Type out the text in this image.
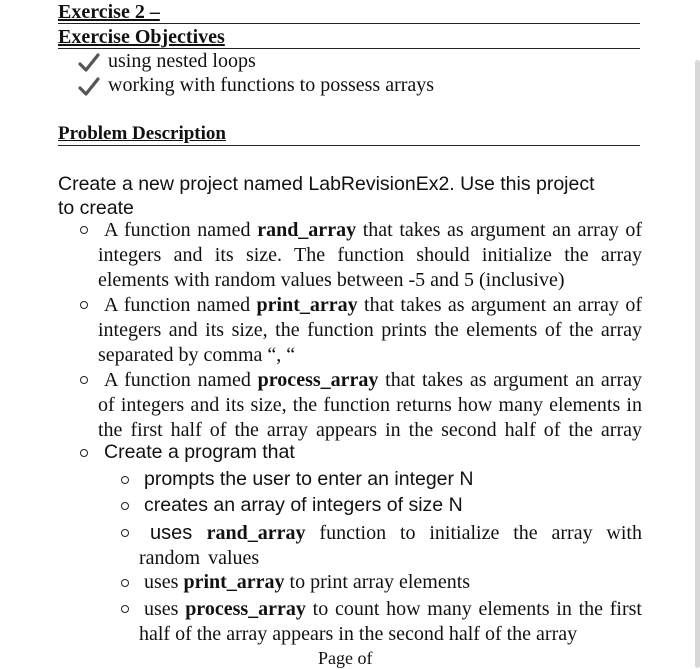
Exercise 2 –
Exercise Objectives
using nested loops
working with functions to possess arrays
Problem Description
Create a new project named LabRevisionEx2. Use this project
to create
A function named rand_array that takes as argument an array of integers and its size. The function should initialize the array elements with random values between -5 and 5 (inclusive)
A function named print_array that takes as argument an array of integers and its size, the function prints the elements of the array separated by comma “, “
A function named process_array that takes as argument an array of integers and its size, the function returns how many elements in the first half of the array appears in the second half of the array
Create a program that
prompts the user to enter an integer N
creates an array of integers of size N
uses rand_array function to initialize the array with random values
uses print_array to print array elements
uses process_array to count how many elements in the first half of the array appears in the second half of the array
Page of
